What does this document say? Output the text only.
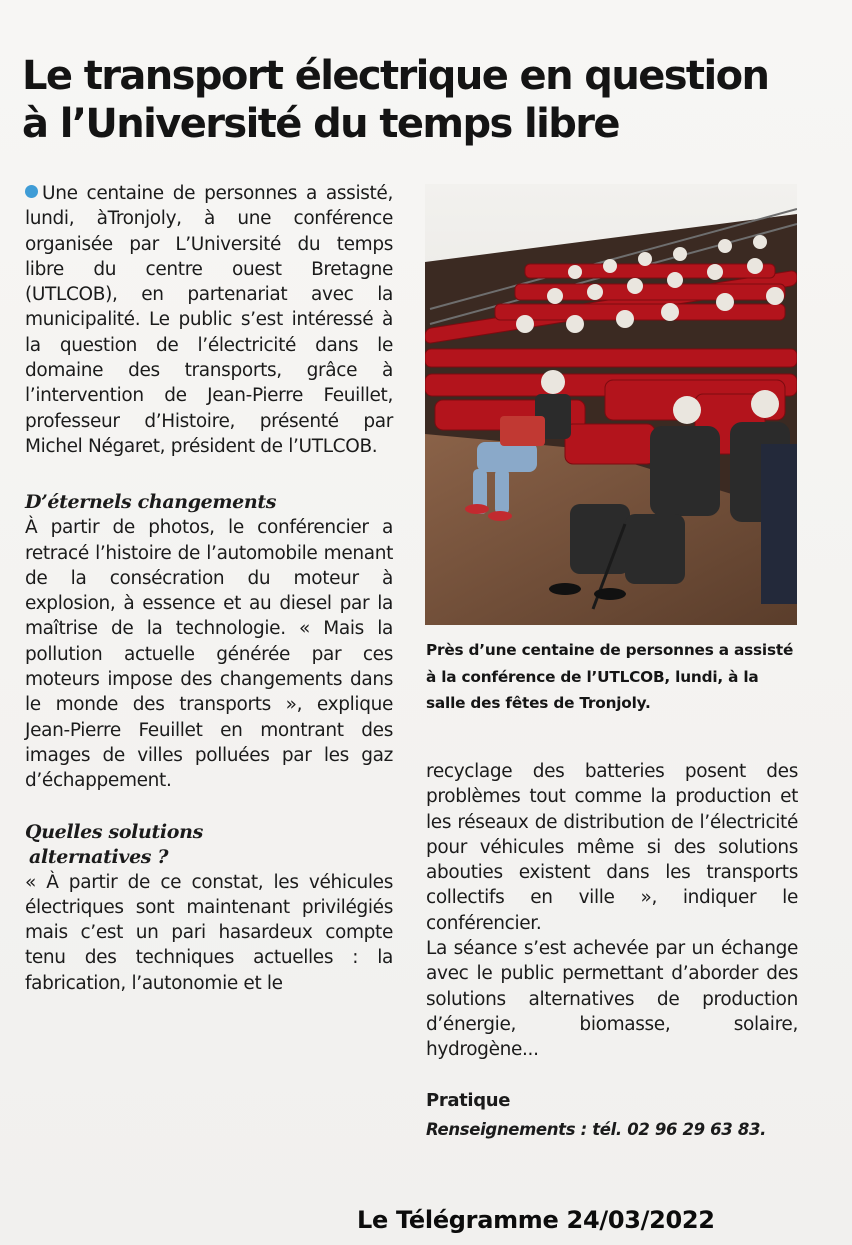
Le transport électrique en question
à l’Université du temps libre

Une centaine de personnes a assisté, lundi, àTronjoly, à une conférence organisée par L’Université du temps libre du centre ouest Bretagne (UTLCOB), en partenariat avec la municipalité. Le public s’est intéressé à la question de l’électricité dans le domaine des transports, grâce à l’intervention de Jean-Pierre Feuillet, professeur d’Histoire, présenté par Michel Négaret, président de l’UTLCOB.

D’éternels changements

À partir de photos, le conférencier a retracé l’histoire de l’automobile menant de la consécration du moteur à explosion, à essence et au diesel par la maîtrise de la technologie. « Mais la pollution actuelle générée par ces moteurs impose des changements dans le monde des transports », explique Jean-Pierre Feuillet en montrant des images de villes polluées par les gaz d’échappement.

Quelles solutions

alternatives ?

« À partir de ce constat, les véhicules électriques sont maintenant privilégiés mais c’est un pari hasardeux compte tenu des techniques actuelles : la fabrication, l’autonomie et le

Près d’une centaine de personnes a assisté à la conférence de l’UTLCOB, lundi, à la salle des fêtes de Tronjoly.

recyclage des batteries posent des problèmes tout comme la production et les réseaux de distribution de l’électricité pour véhicules même si des solutions abouties existent dans les transports collectifs en ville », indiquer le conférencier.

La séance s’est achevée par un échange avec le public permettant d’aborder des solutions alternatives de production d’énergie, biomasse, solaire, hydrogène...

Pratique

Renseignements : tél. 02 96 29 63 83.

Le Télégramme 24/03/2022
